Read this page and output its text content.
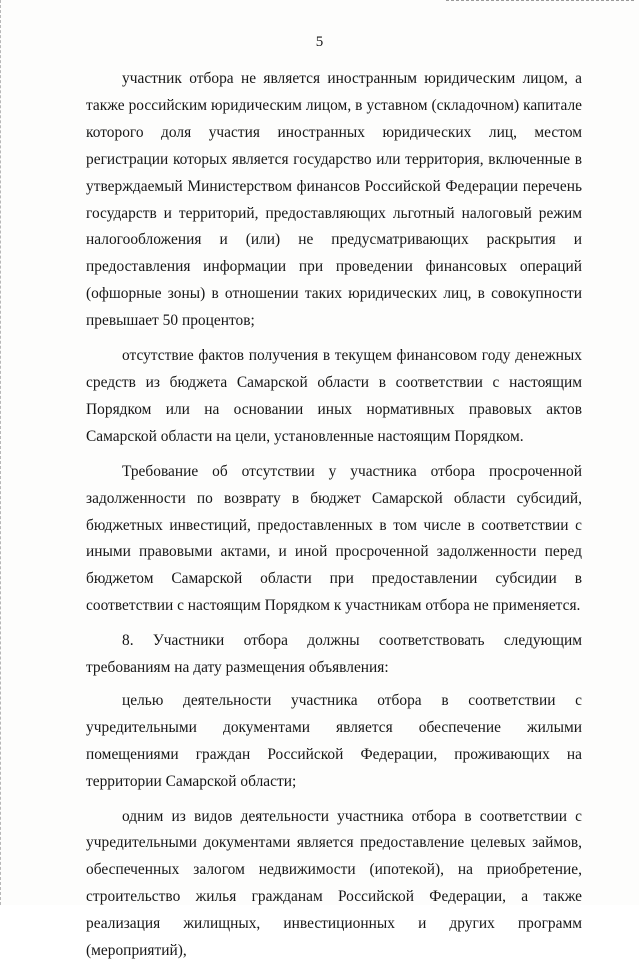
5

участник отбора не является иностранным юридическим лицом, а также российским юридическим лицом, в уставном (складочном) капитале которого доля участия иностранных юридических лиц, местом регистрации которых является государство или территория, включенные в утверждаемый Министерством финансов Российской Федерации перечень государств и территорий, предоставляющих льготный налоговый режим налогообложения и (или) не предусматривающих раскрытия и предоставления информации при проведении финансовых операций (офшорные зоны) в отношении таких юридических лиц, в совокупности превышает 50 процентов;

отсутствие фактов получения в текущем финансовом году денежных средств из бюджета Самарской области в соответствии с настоящим Порядком или на основании иных нормативных правовых актов Самарской области на цели, установленные настоящим Порядком.

Требование об отсутствии у участника отбора просроченной задолженности по возврату в бюджет Самарской области субсидий, бюджетных инвестиций, предоставленных в том числе в соответствии с иными правовыми актами, и иной просроченной задолженности перед бюджетом Самарской области при предоставлении субсидии в соответствии с настоящим Порядком к участникам отбора не применяется.

8. Участники отбора должны соответствовать следующим требованиям на дату размещения объявления:

целью деятельности участника отбора в соответствии с учредительными документами является обеспечение жилыми помещениями граждан Российской Федерации, проживающих на территории Самарской области;

одним из видов деятельности участника отбора в соответствии с учредительными документами является предоставление целевых займов, обеспеченных залогом недвижимости (ипотекой), на приобретение, строительство жилья гражданам Российской Федерации, а также реализация жилищных, инвестиционных и других программ (мероприятий),
